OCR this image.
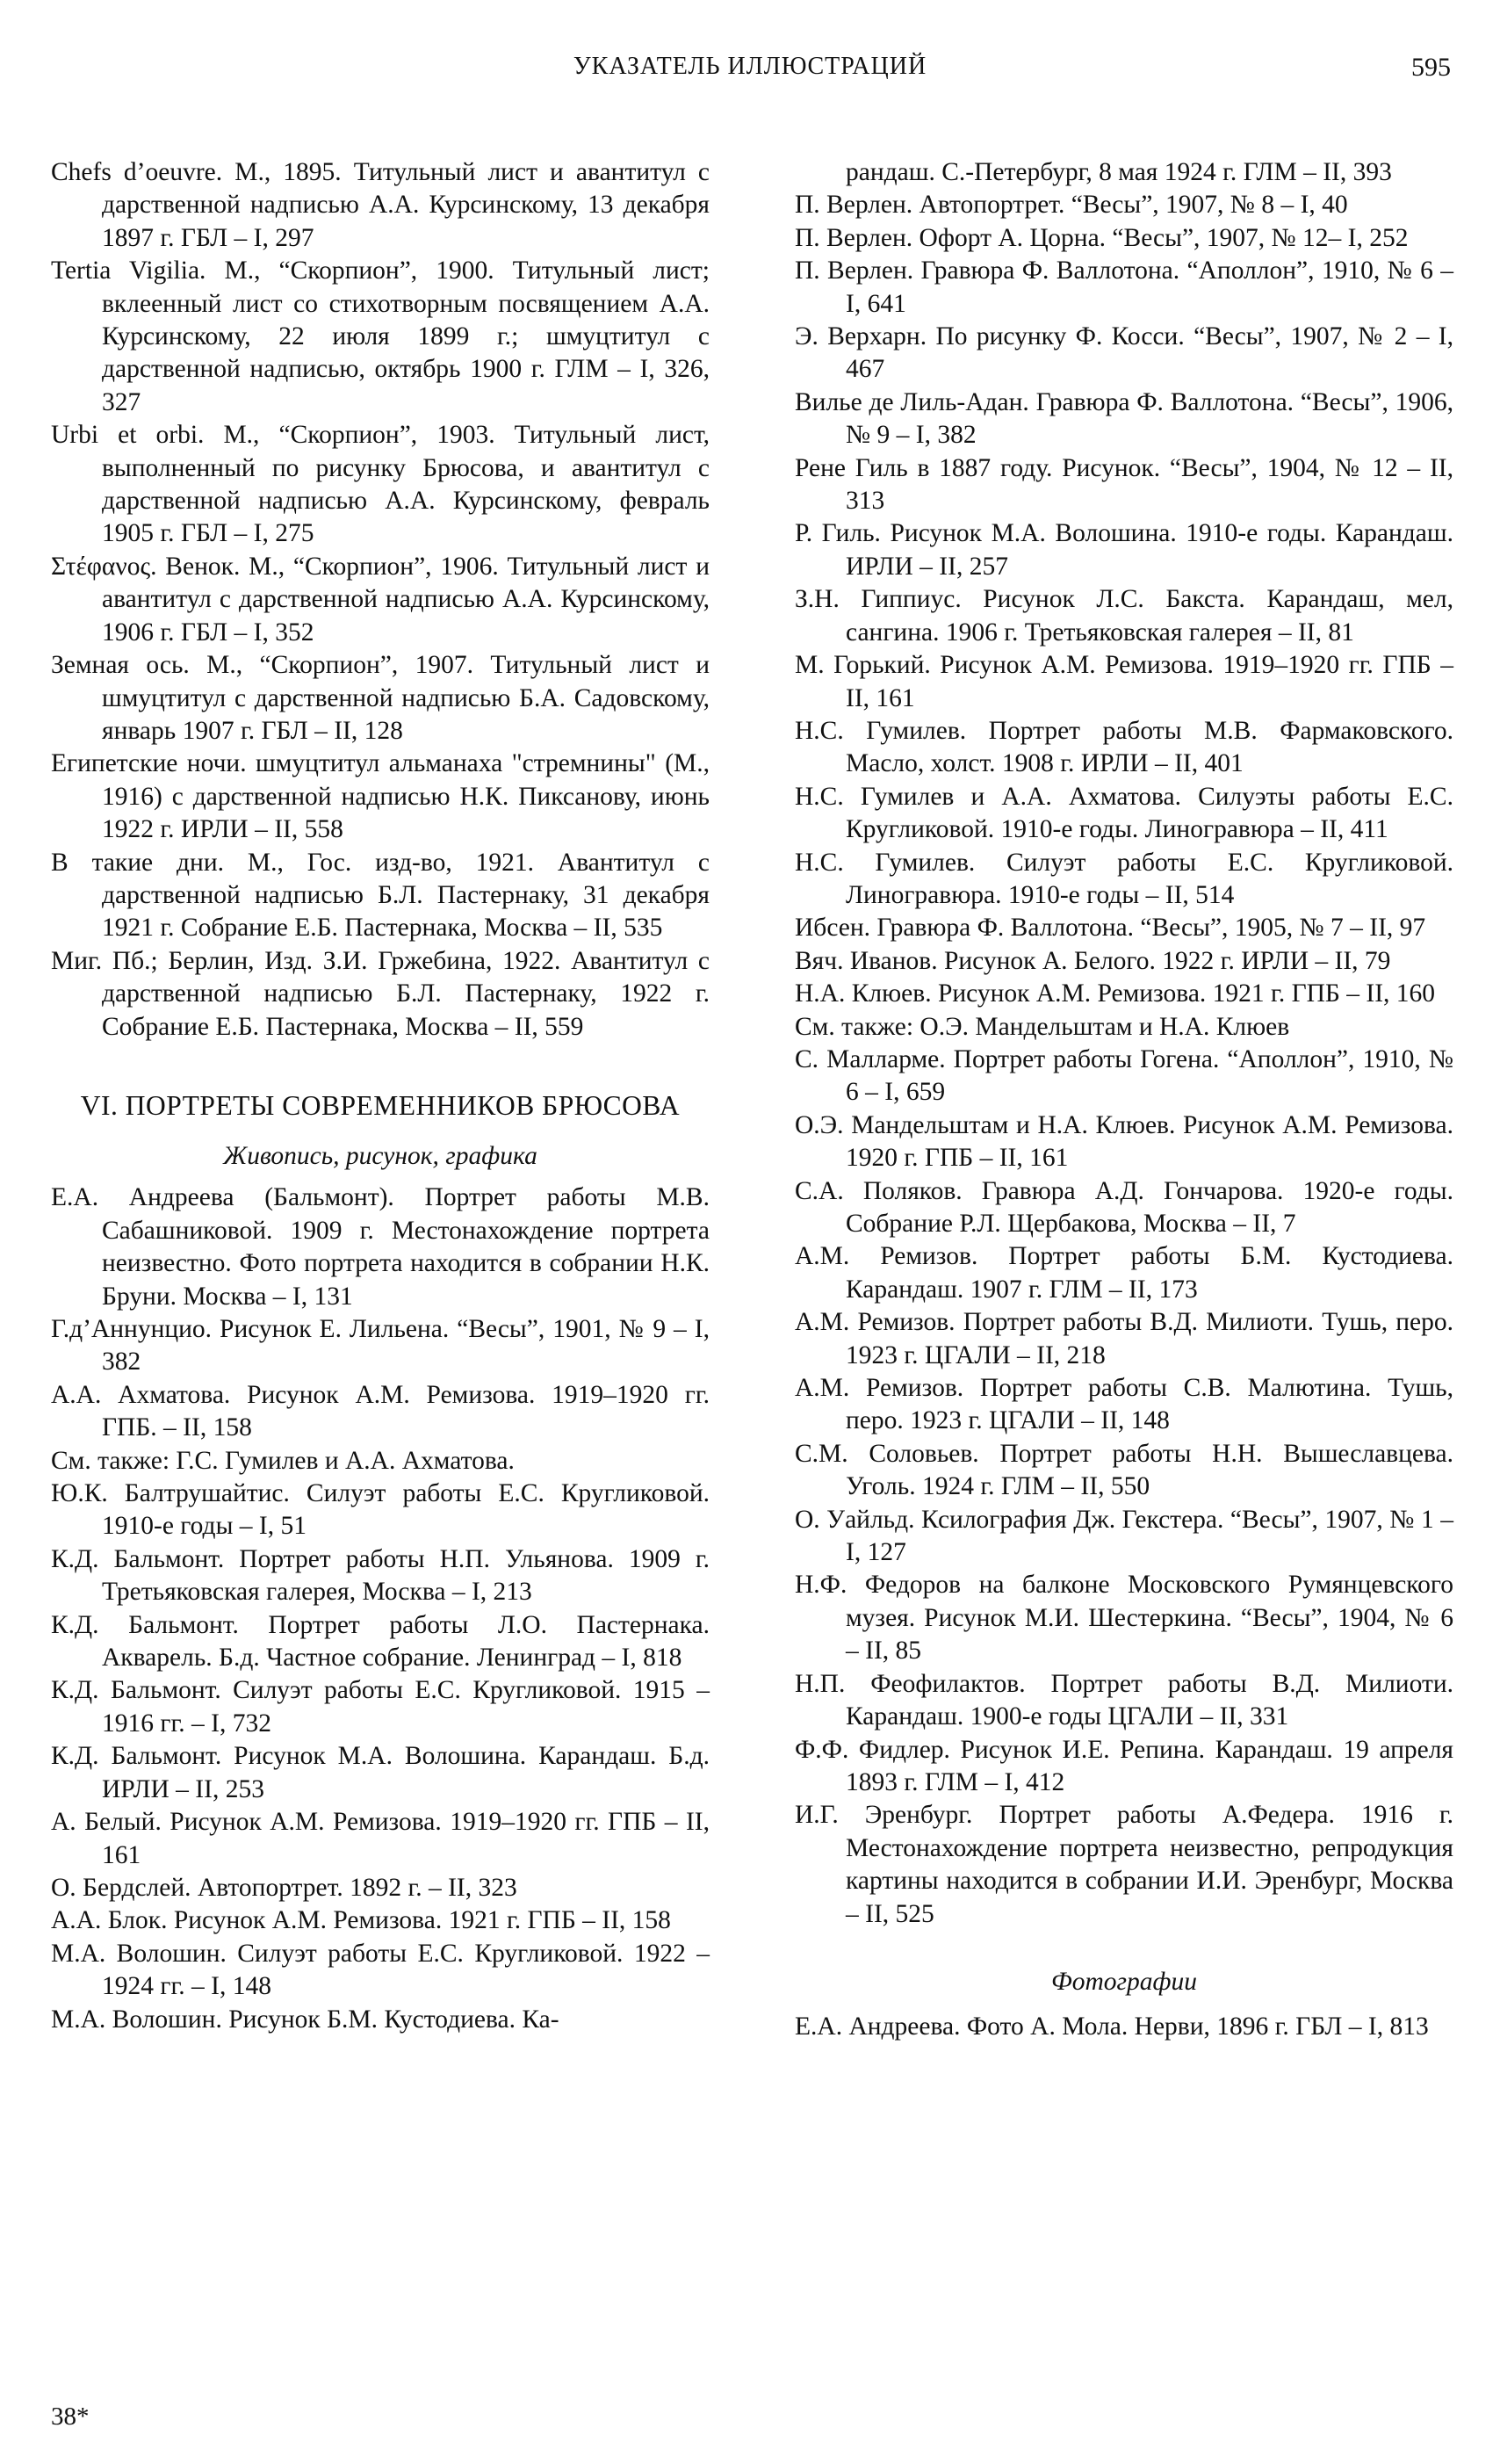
УКАЗАТЕЛЬ ИЛЛЮСТРАЦИЙ	595

Chefs d’oeuvre. М., 1895. Титульный лист и авантитул с дарственной надписью А.А. Курсинскому, 13 декабря 1897 г. ГБЛ – I, 297

Tertia Vigilia. М., “Скорпион”, 1900. Титульный лист; вклеенный лист со стихотворным посвящением А.А. Курсинскому, 22 июля 1899 г.; шмуцтитул с дарственной надписью, октябрь 1900 г. ГЛМ – I, 326, 327

Urbi et orbi. М., “Скорпион”, 1903. Титульный лист, выполненный по рисунку Брюсова, и авантитул с дарственной надписью А.А. Курсинскому, февраль 1905 г. ГБЛ – I, 275

Στέφανος. Венок. М., “Скорпион”, 1906. Титульный лист и авантитул с дарственной надписью А.А. Курсинскому, 1906 г. ГБЛ – I, 352

Земная ось. М., “Скорпион”, 1907. Титульный лист и шмуцтитул с дарственной надписью Б.А. Садовскому, январь 1907 г. ГБЛ – II, 128

Египетские ночи. шмуцтитул альманаха "стремнины" (М., 1916) с дарственной надписью Н.К. Пиксанову, июнь 1922 г. ИРЛИ – II, 558

В такие дни. М., Гос. изд-во, 1921. Авантитул с дарственной надписью Б.Л. Пастернаку, 31 декабря 1921 г. Собрание Е.Б. Пастернака, Москва – II, 535

Миг. Пб.; Берлин, Изд. З.И. Гржебина, 1922. Авантитул с дарственной надписью Б.Л. Пастернаку, 1922 г. Собрание Е.Б. Пастернака, Москва – II, 559

VI. ПОРТРЕТЫ СОВРЕМЕННИКОВ БРЮСОВА
Живопись, рисунок, графика

Е.А. Андреева (Бальмонт). Портрет работы М.В. Сабашниковой. 1909 г. Местонахождение портрета неизвестно. Фото портрета находится в собрании Н.К. Бруни. Москва – I, 131

Г.д’Аннунцио. Рисунок Е. Лильена. “Весы”, 1901, № 9 – I, 382

А.А. Ахматова. Рисунок А.М. Ремизова. 1919–1920 гг. ГПБ. – II, 158

См. также: Г.С. Гумилев и А.А. Ахматова.

Ю.К. Балтрушайтис. Силуэт работы Е.С. Кругликовой. 1910-е годы – I, 51

К.Д. Бальмонт. Портрет работы Н.П. Ульянова. 1909 г. Третьяковская галерея, Москва – I, 213

К.Д. Бальмонт. Портрет работы Л.О. Пастернака. Акварель. Б.д. Частное собрание. Ленинград – I, 818

К.Д. Бальмонт. Силуэт работы Е.С. Кругликовой. 1915 – 1916 гг. – I, 732

К.Д. Бальмонт. Рисунок М.А. Волошина. Карандаш. Б.д. ИРЛИ – II, 253

А. Белый. Рисунок А.М. Ремизова. 1919–1920 гг. ГПБ – II, 161

О. Бердслей. Автопортрет. 1892 г. – II, 323

А.А. Блок. Рисунок А.М. Ремизова. 1921 г. ГПБ – II, 158

М.А. Волошин. Силуэт работы Е.С. Кругликовой. 1922 – 1924 гг. – I, 148

М.А. Волошин. Рисунок Б.М. Кустодиева. Ка-

рандаш. С.-Петербург, 8 мая 1924 г. ГЛМ – II, 393

П. Верлен. Автопортрет. “Весы”, 1907, № 8 – I, 40

П. Верлен. Офорт А. Цорна. “Весы”, 1907, № 12– I, 252

П. Верлен. Гравюра Ф. Валлотона. “Аполлон”, 1910, № 6 – I, 641

Э. Верхарн. По рисунку Ф. Косси. “Весы”, 1907, № 2 – I, 467

Вилье де Лиль-Адан. Гравюра Ф. Валлотона. “Весы”, 1906, № 9 – I, 382

Рене Гиль в 1887 году. Рисунок. “Весы”, 1904, № 12 – II, 313

Р. Гиль. Рисунок М.А. Волошина. 1910-е годы. Карандаш. ИРЛИ – II, 257

З.Н. Гиппиус. Рисунок Л.С. Бакста. Карандаш, мел, сангина. 1906 г. Третьяковская галерея – II, 81

М. Горький. Рисунок А.М. Ремизова. 1919–1920 гг. ГПБ – II, 161

Н.С. Гумилев. Портрет работы М.В. Фармаковского. Масло, холст. 1908 г. ИРЛИ – II, 401

Н.С. Гумилев и А.А. Ахматова. Силуэты работы Е.С. Кругликовой. 1910-е годы. Линогравюра – II, 411

Н.С. Гумилев. Силуэт работы Е.С. Кругликовой. Линогравюра. 1910-е годы – II, 514

Ибсен. Гравюра Ф. Валлотона. “Весы”, 1905, № 7 – II, 97

Вяч. Иванов. Рисунок А. Белого. 1922 г. ИРЛИ – II, 79

Н.А. Клюев. Рисунок А.М. Ремизова. 1921 г. ГПБ – II, 160

См. также: О.Э. Мандельштам и Н.А. Клюев

С. Малларме. Портрет работы Гогена. “Аполлон”, 1910, № 6 – I, 659

О.Э. Мандельштам и Н.А. Клюев. Рисунок А.М. Ремизова. 1920 г. ГПБ – II, 161

С.А. Поляков. Гравюра А.Д. Гончарова. 1920-е годы. Собрание Р.Л. Щербакова, Москва – II, 7

А.М. Ремизов. Портрет работы Б.М. Кустодиева. Карандаш. 1907 г. ГЛМ – II, 173

А.М. Ремизов. Портрет работы В.Д. Милиоти. Тушь, перо. 1923 г. ЦГАЛИ – II, 218

А.М. Ремизов. Портрет работы С.В. Малютина. Тушь, перо. 1923 г. ЦГАЛИ – II, 148

С.М. Соловьев. Портрет работы Н.Н. Вышеславцева. Уголь. 1924 г. ГЛМ – II, 550

О. Уайльд. Ксилография Дж. Гекстера. “Весы”, 1907, № 1 – I, 127

Н.Ф. Федоров на балконе Московского Румянцевского музея. Рисунок М.И. Шестеркина. “Весы”, 1904, № 6 – II, 85

Н.П. Феофилактов. Портрет работы В.Д. Милиоти. Карандаш. 1900-е годы ЦГАЛИ – II, 331

Ф.Ф. Фидлер. Рисунок И.Е. Репина. Карандаш. 19 апреля 1893 г. ГЛМ – I, 412

И.Г. Эренбург. Портрет работы А.Федера. 1916 г. Местонахождение портрета неизвестно, репродукция картины находится в собрании И.И. Эренбург, Москва – II, 525

Фотографии

Е.А. Андреева. Фото А. Мола. Нерви, 1896 г. ГБЛ – I, 813

38*
